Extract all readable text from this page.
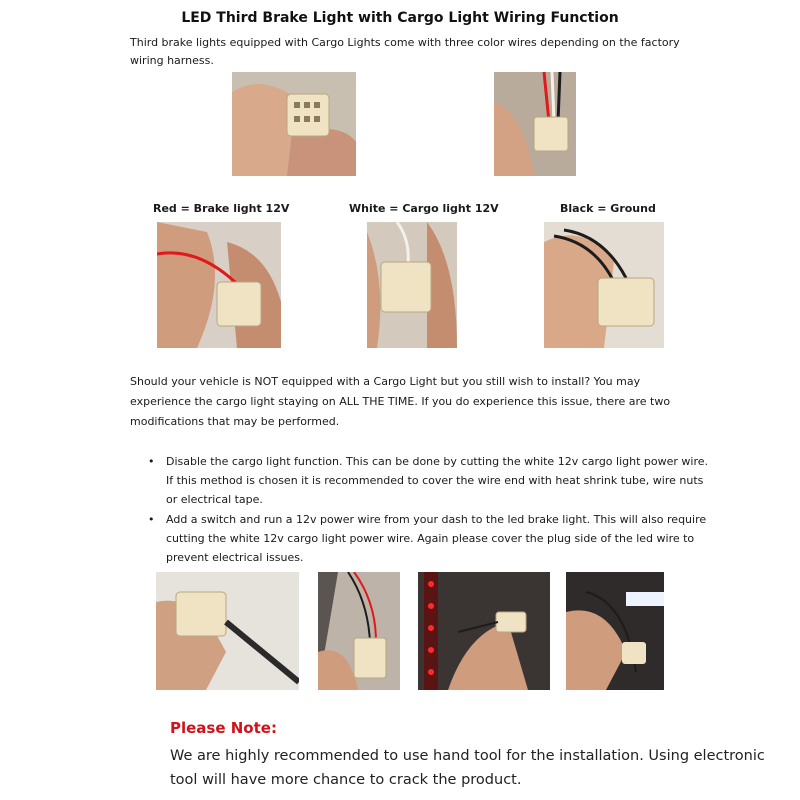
LED Third Brake Light with Cargo Light Wiring Function
Third brake lights equipped with Cargo Lights come with three color wires depending on the factory wiring harness.
Red = Brake light 12V	White = Cargo light 12V	Black = Ground
Should your vehicle is NOT equipped with a Cargo Light but you still wish to install? You may experience the cargo light staying on ALL THE TIME. If you do experience this issue, there are two modifications that may be performed.
• Disable the cargo light function. This can be done by cutting the white 12v cargo light power wire. If this method is chosen it is recommended to cover the wire end with heat shrink tube, wire nuts or electrical tape.
• Add a switch and run a 12v power wire from your dash to the led brake light. This will also require cutting the white 12v cargo light power wire. Again please cover the plug side of the led wire to prevent electrical issues.
Please Note:
We are highly recommended to use hand tool for the installation. Using electronic tool will have more chance to crack the product.
